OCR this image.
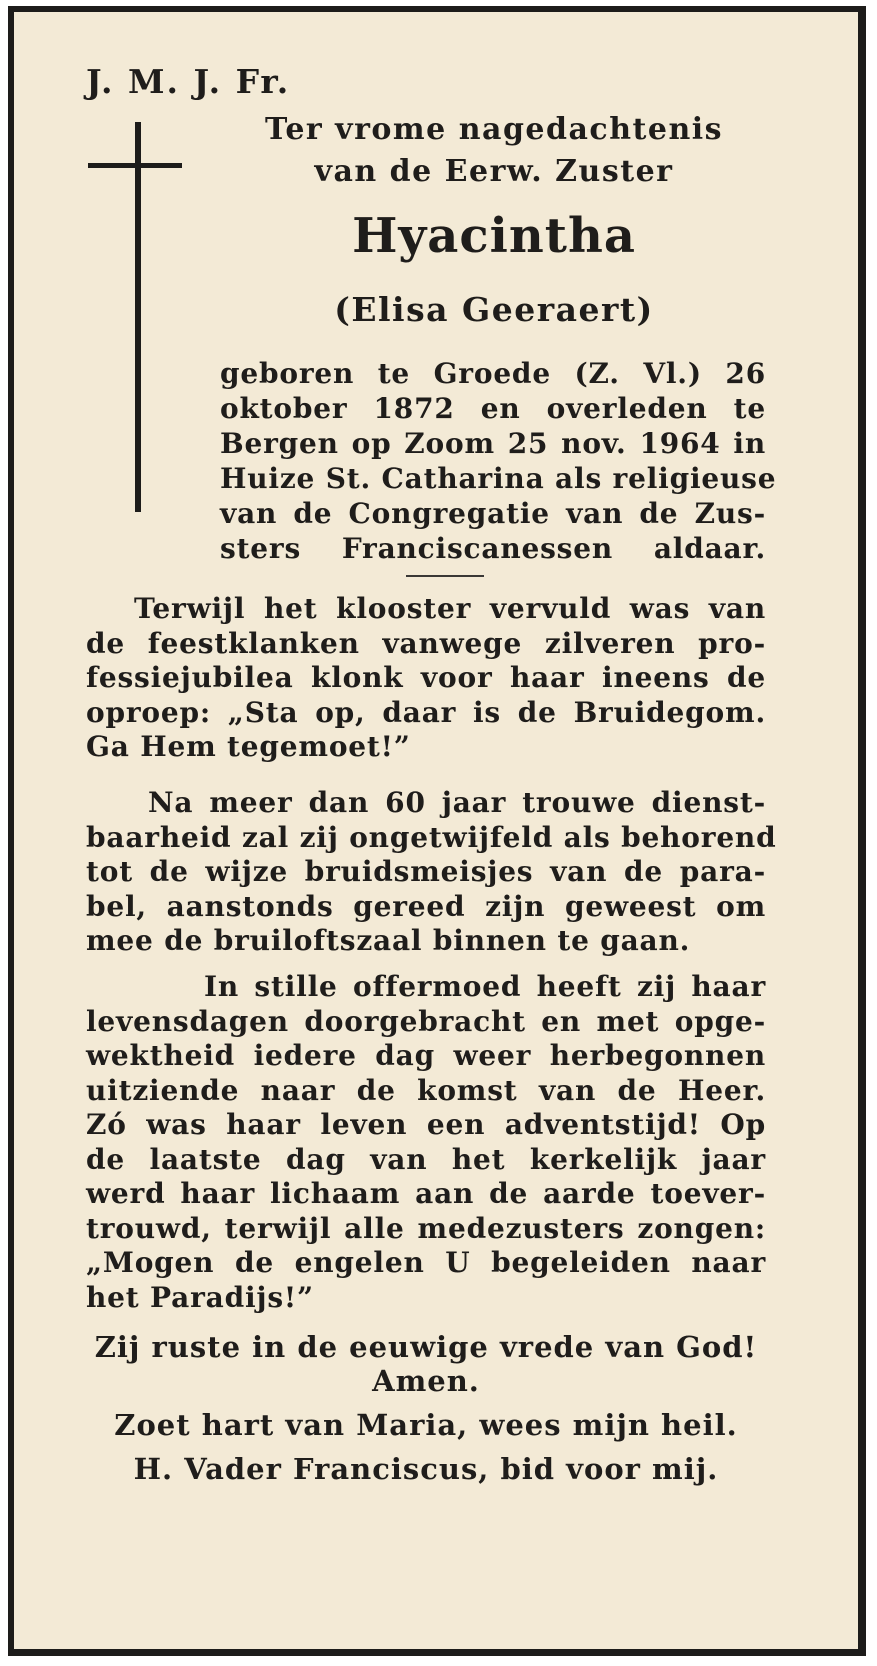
J. M. J. Fr.
Ter vrome nagedachtenis
van de Eerw. Zuster
Hyacintha
(Elisa Geeraert)
geboren te Groede (Z. Vl.) 26
oktober 1872 en overleden te
Bergen op Zoom 25 nov. 1964 in
Huize St. Catharina als religieuse
van de Congregatie van de Zus-
sters Franciscanessen aldaar.
Terwijl het klooster vervuld was van
de feestklanken vanwege zilveren pro-
fessiejubilea klonk voor haar ineens de
oproep: „Sta op, daar is de Bruidegom.
Ga Hem tegemoet!”
Na meer dan 60 jaar trouwe dienst-
baarheid zal zij ongetwijfeld als behorend
tot de wijze bruidsmeisjes van de para-
bel, aanstonds gereed zijn geweest om
mee de bruiloftszaal binnen te gaan.
In stille offermoed heeft zij haar
levensdagen doorgebracht en met opge-
wektheid iedere dag weer herbegonnen
uitziende naar de komst van de Heer.
Zó was haar leven een adventstijd! Op
de laatste dag van het kerkelijk jaar
werd haar lichaam aan de aarde toever-
trouwd, terwijl alle medezusters zongen:
„Mogen de engelen U begeleiden naar
het Paradijs!”
Zij ruste in de eeuwige vrede van God!
Amen.
Zoet hart van Maria, wees mijn heil.
H. Vader Franciscus, bid voor mij.
